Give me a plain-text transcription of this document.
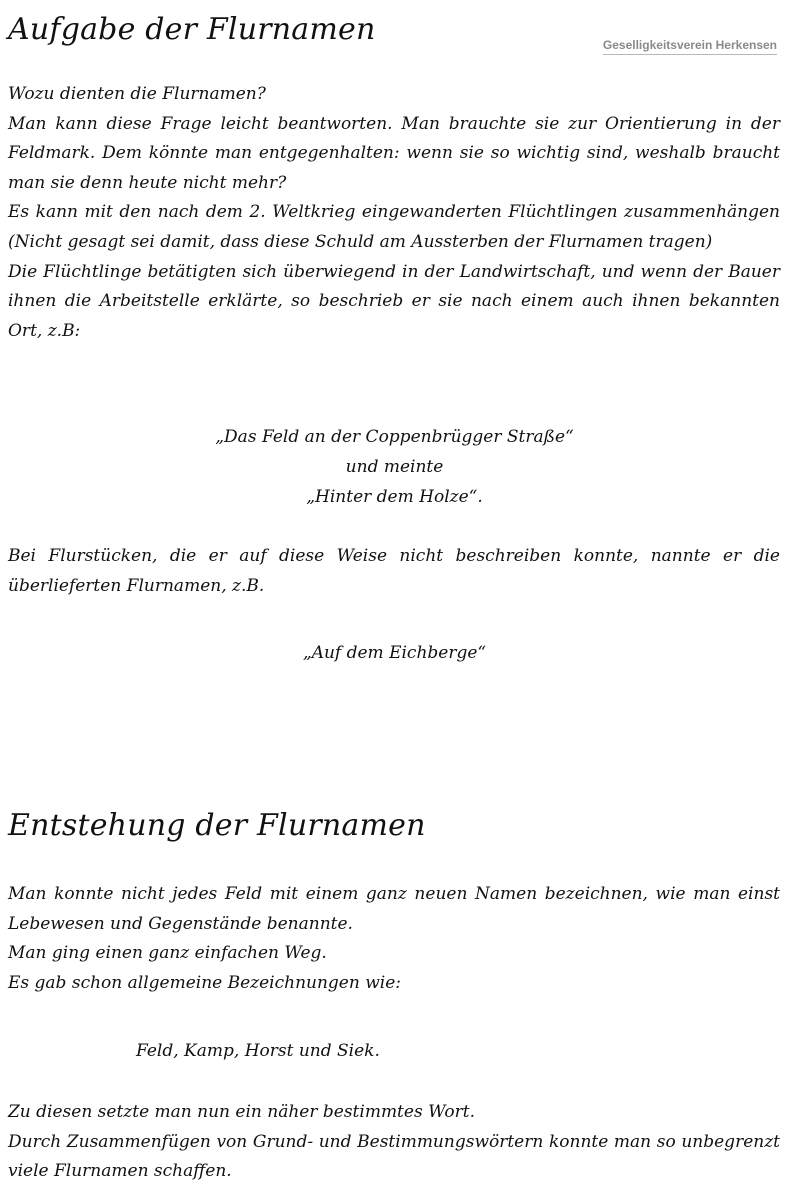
Geselligkeitsverein Herkensen
Aufgabe der Flurnamen

Wozu dienten die Flurnamen?

Man kann diese Frage leicht beantworten. Man brauchte sie zur Orientierung in der Feldmark. Dem könnte man entgegenhalten: wenn sie so wichtig sind, weshalb braucht man sie denn heute nicht mehr?

Es kann mit den nach dem 2. Weltkrieg eingewanderten Flüchtlingen zusammenhängen (Nicht gesagt sei damit, dass diese Schuld am Aussterben der Flurnamen tragen)

Die Flüchtlinge betätigten sich überwiegend in der Landwirtschaft, und wenn der Bauer ihnen die Arbeitstelle erklärte, so beschrieb er sie nach einem auch ihnen bekannten Ort, z.B:

„Das Feld an der Coppenbrügger Straße“
und meinte
„Hinter dem Holze“.
Bei Flurstücken, die er auf diese Weise nicht beschreiben konnte, nannte er die überlieferten Flurnamen, z.B.
„Auf dem Eichberge“
Entstehung der Flurnamen

Man konnte nicht jedes Feld mit einem ganz neuen Namen bezeichnen, wie man einst Lebewesen und Gegenstände benannte.

Man ging einen ganz einfachen Weg.

Es gab schon allgemeine Bezeichnungen wie:

Feld, Kamp, Horst und Siek.

Zu diesen setzte man nun ein näher bestimmtes Wort.

Durch Zusammenfügen von Grund- und Bestimmungswörtern konnte man so unbegrenzt viele Flurnamen schaffen.
